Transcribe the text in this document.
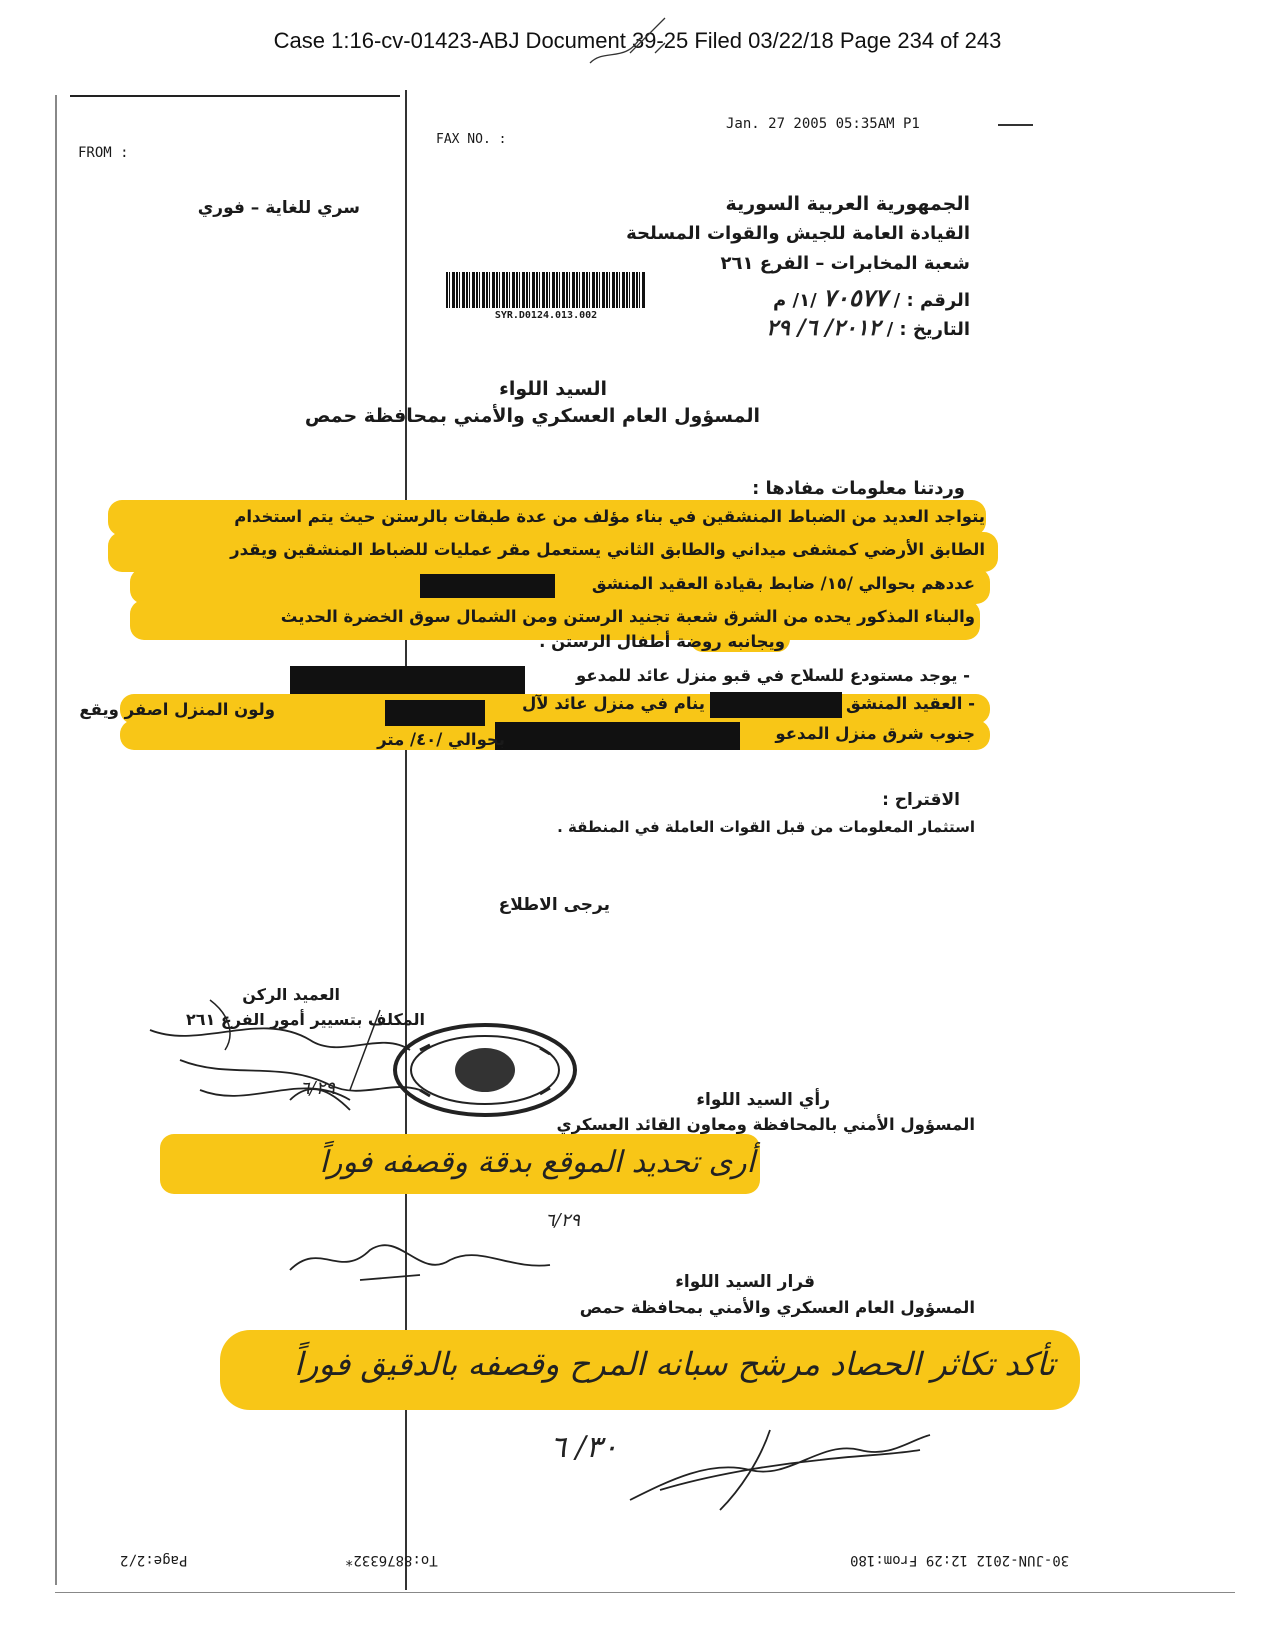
Case 1:16-cv-01423-ABJ Document 39-25 Filed 03/22/18 Page 234 of 243
FROM :
FAX NO. :
Jan. 27 2005 05:35AM P1
سري للغاية – فوري	الجمهورية العربية السورية
القيادة العامة للجيش والقوات المسلحة
شعبة المخابرات – الفرع ٢٦١
الرقم : / ٧٠٥٧٧ /١/ م
التاريخ : / ٢٠١٢/ ٦/ ٢٩
SYR.D0124.013.002
السيد اللواء
المسؤول العام العسكري والأمني بمحافظة حمص
وردتنا معلومات مفادها :
يتواجد العديد من الضباط المنشقين في بناء مؤلف من عدة طبقات بالرستن حيث يتم استخدام
الطابق الأرضي كمشفى ميداني والطابق الثاني يستعمل مقر عمليات للضباط المنشقين ويقدر
عددهم بحوالي /١٥/ ضابط بقيادة العقيد المنشق
والبناء المذكور يحده من الشرق شعبة تجنيد الرستن ومن الشمال سوق الخضرة الحديث
ويجانبه روضة أطفال الرستن .
- يوجد مستودع للسلاح في قبو منزل عائد للمدعو
- العقيد المنشق
ينام في منزل عائد لآل
ولون المنزل اصفر ويقع
جنوب شرق منزل المدعو
بحوالي /٤٠/ متر
الاقتراح :
استثمار المعلومات من قبل القوات العاملة في المنطقة .
يرجى الاطلاع
العميد الركن
المكلف بتسيير أمور الفرع ٢٦١
٦/٢٩
رأي السيد اللواء
المسؤول الأمني بالمحافظة ومعاون القائد العسكري
أرى تحديد الموقع بدقة وقصفه فوراً
٦/٢٩
قرار السيد اللواء
المسؤول العام العسكري والأمني بمحافظة حمص
تأكد تكاثر الحصاد مرشح سبانه المرح وقصفه بالدقيق فوراً
٣٠/ ٦
Page:2/2	To:8876332*	30-JUN-2012 12:29 From:180
